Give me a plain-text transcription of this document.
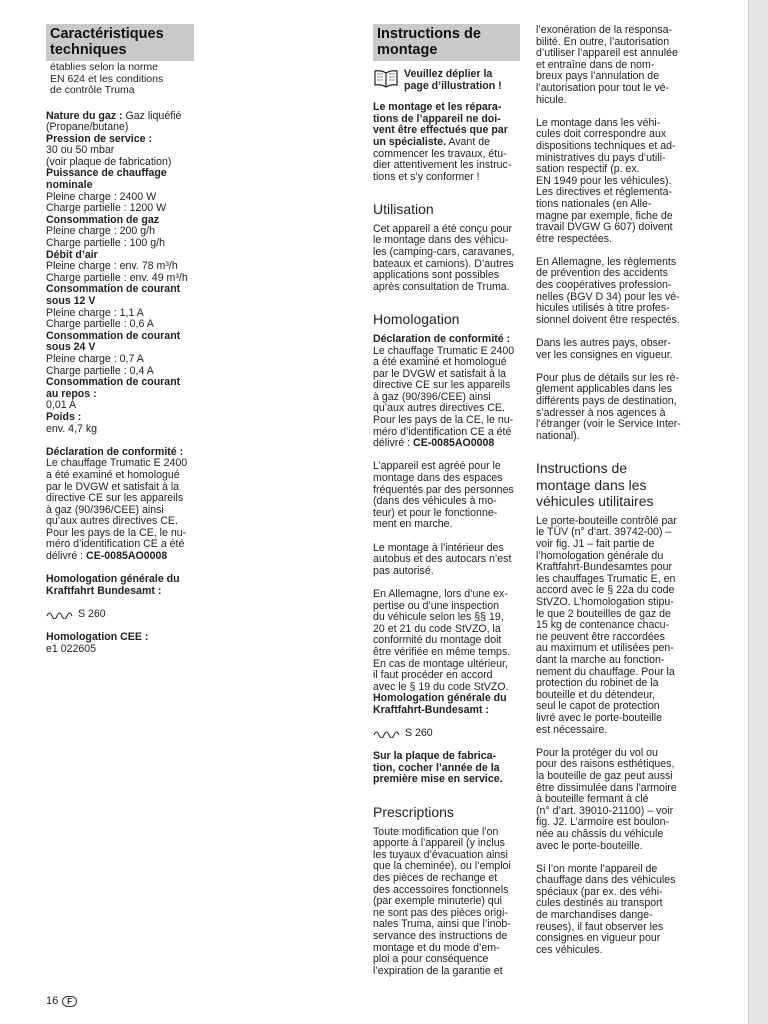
Caractéristiques
techniques
établies selon la norme
EN 624 et les conditions
de contrôle Truma

Nature du gaz : Gaz liquéfié
(Propane/butane)

Pression de service :

30 ou 50 mbar
(voir plaque de fabrication)

Puissance de chauffage
nominale

Pleine charge : 2400 W
Charge partielle : 1200 W

Consommation de gaz

Pleine charge : 200 g/h
Charge partielle : 100 g/h

Débit d’air

Pleine charge : env. 78 m³/h
Charge partielle : env. 49 m³/h

Consommation de courant
sous 12 V

Pleine charge : 1,1 A
Charge partielle : 0,6 A

Consommation de courant
sous 24 V

Pleine charge : 0,7 A
Charge partielle : 0,4 A

Consommation de courant
au repos :

0,01 A

Poids :

env. 4,7 kg

Déclaration de conformité :

Le chauffage Trumatic E 2400
a été examiné et homologué
par le DVGW et satisfait à la
directive CE sur les appareils
à gaz (90/396/CEE) ainsi
qu’aux autres directives CE.
Pour les pays de la CE, le nu-
méro d’identification CE a été
délivré : CE-0085AO0008

Homologation générale du
Kraftfahrt Bundesamt :

S 260

Homologation CEE :

e1 022605

Instructions de
montage
Veuillez déplier la
page d’illustration !

Le montage et les répara-
tions de l’appareil ne doi-
vent être effectués que par
un spécialiste. Avant de
commencer les travaux, étu-
dier attentivement les instruc-
tions et s’y conformer !

Utilisation

Cet appareil a été conçu pour
le montage dans des véhicu-
les (camping-cars, caravanes,
bateaux et camions). D’autres
applications sont possibles
après consultation de Truma.

Homologation

Déclaration de conformité :

Le chauffage Trumatic E 2400
a été examiné et homologué
par le DVGW et satisfait à la
directive CE sur les appareils
à gaz (90/396/CEE) ainsi
qu’aux autres directives CE.
Pour les pays de la CE, le nu-
méro d’identification CE a été
délivré : CE-0085AO0008

L’appareil est agréé pour le
montage dans des espaces
fréquentés par des personnes
(dans des véhicules à mo-
teur) et pour le fonctionne-
ment en marche.

Le montage à l’intérieur des
autobus et des autocars n’est
pas autorisé.

En Allemagne, lors d’une ex-
pertise ou d’une inspection
du véhicule selon les §§ 19,
20 et 21 du code StVZO, la
conformité du montage doit
être vérifiée en même temps.
En cas de montage ultérieur,
il faut procéder en accord
avec le § 19 du code StVZO.

Homologation générale du
Kraftfahrt-Bundesamt :

S 260

Sur la plaque de fabrica-
tion, cocher l’année de la
première mise en service.

Prescriptions

Toute modification que l’on
apporte à l’appareil (y inclus
les tuyaux d’évacuation ainsi
que la cheminée), ou l’emploi
des pièces de rechange et
des accessoires fonctionnels
(par exemple minuterie) qui
ne sont pas des pièces origi-
nales Truma, ainsi que l’inob-
servance des instructions de
montage et du mode d’em-
ploi a pour conséquence
l’expiration de la garantie et

l’exonération de la responsa-
bilité. En outre, l’autorisation
d’utiliser l’appareil est annulée
et entraîne dans de nom-
breux pays l’annulation de
l’autorisation pour tout le vé-
hicule.

Le montage dans les véhi-
cules doit correspondre aux
dispositions techniques et ad-
ministratives du pays d’utili-
sation respectif (p. ex.
EN 1949 pour les véhicules).
Les directives et réglementa-
tions nationales (en Alle-
magne par exemple, fiche de
travail DVGW G 607) doivent
être respectées.

En Allemagne, les règlements
de prévention des accidents
des coopératives profession-
nelles (BGV D 34) pour les vé-
hicules utilisés à titre profes-
sionnel doivent être respectés.

Dans les autres pays, obser-
ver les consignes en vigueur.

Pour plus de détails sur les rè-
glement applicables dans les
différents pays de destination,
s’adresser à nos agences à
l’étranger (voir le Service Inter-
national).

Instructions de
montage dans les
véhicules utilitaires

Le porte-bouteille contrôlé par
le TÜV (n° d’art. 39742-00) –
voir fig. J1 – fait partie de
l’homologation générale du
Kraftfahrt-Bundesamtes pour
les chauffages Trumatic E, en
accord avec le § 22a du code
StVZO. L’homologation stipu-
le que 2 bouteilles de gaz de
15 kg de contenance chacu-
ne peuvent être raccordées
au maximum et utilisées pen-
dant la marche au fonction-
nement du chauffage. Pour la
protection du robinet de la
bouteille et du détendeur,
seul le capot de protection
livré avec le porte-bouteille
est nécessaire.

Pour la protéger du vol ou
pour des raisons esthétiques,
la bouteille de gaz peut aussi
être dissimulée dans l’armoire
à bouteille fermant à clé
(n° d’art. 39010-21100) – voir
fig. J2. L’armoire est boulon-
née au châssis du véhicule
avec le porte-bouteille.

Si l’on monte l’appareil de
chauffage dans des véhicules
spéciaux (par ex. des véhi-
cules destinés au transport
de marchandises dange-
reuses), il faut observer les
consignes en vigueur pour
ces véhicules.

16	F
